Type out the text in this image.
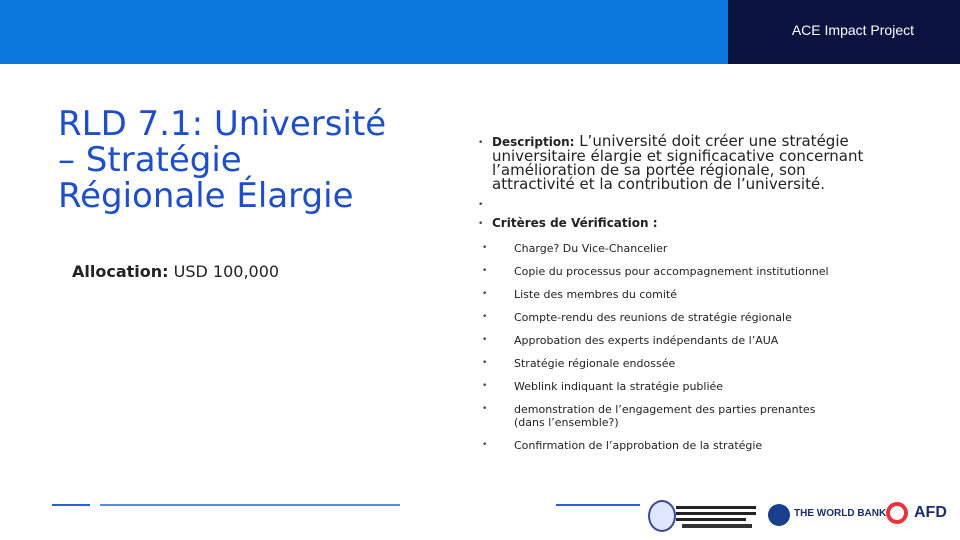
ACE Impact Project
RLD 7.1: Université
– Stratégie
Régionale Élargie
Allocation: USD 100,000
• Description: L’université doit créer une stratégie universitaire élargie et significacative concernant l’amélioration de sa portée régionale, son attractivité et la contribution de l’université.
•
• Critères de Vérification :
• Charge? Du Vice-Chancelier
• Copie du processus pour accompagnement institutionnel
• Liste des membres du comité
• Compte-rendu des reunions de stratégie régionale
• Approbation des experts indépendants de l’AUA
• Stratégie régionale endossée
• Weblink indiquant la stratégie publiée
• demonstration de l’engagement des parties prenantes (dans l’ensemble?)
• Confirmation de l’approbation de la stratégie
THE WORLD BANK AFD
